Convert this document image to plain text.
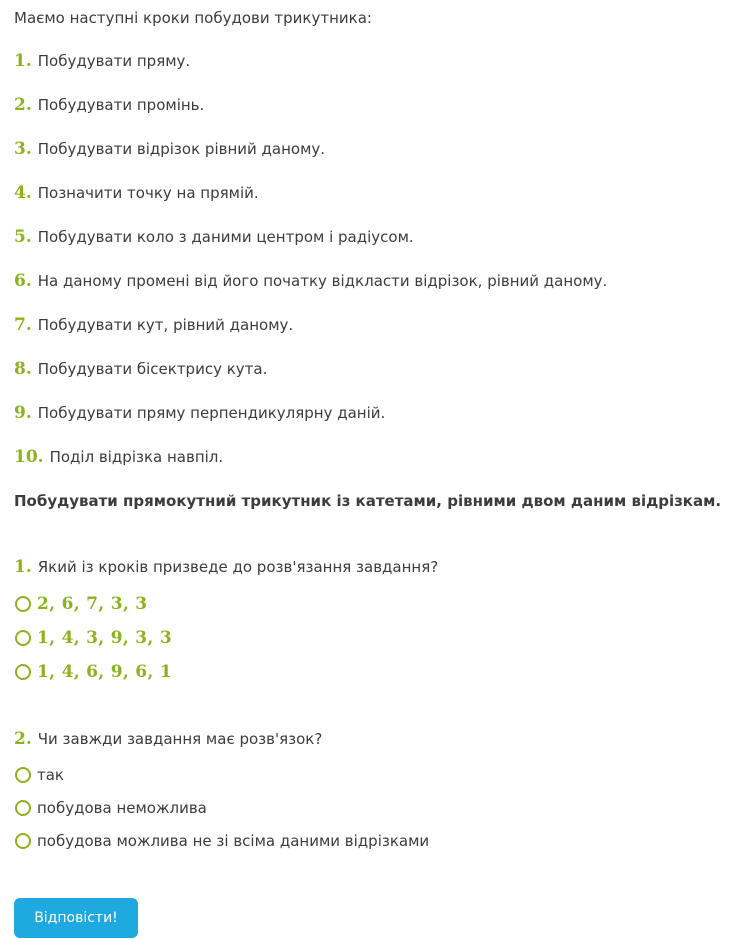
Маємо наступні кроки побудови трикутника:

1. Побудувати пряму.
2. Побудувати промінь.
3. Побудувати відрізок рівний даному.
4. Позначити точку на прямій.
5. Побудувати коло з даними центром і радіусом.
6. На даному промені від його початку відкласти відрізок, рівний даному.
7. Побудувати кут, рівний даному.
8. Побудувати бісектрису кута.
9. Побудувати пряму перпендикулярну даній.
10. Поділ відрізка навпіл.

Побудувати прямокутний трикутник із катетами, рівними двом даним відрізкам.

1. Який із кроків призведе до розв'язання завдання?
2, 6, 7, 3, 3
1, 4, 3, 9, 3, 3
1, 4, 6, 9, 6, 1
2. Чи завжди завдання має розв'язок?
так
побудова неможлива
побудова можлива не зі всіма даними відрізками
Відповісти!
